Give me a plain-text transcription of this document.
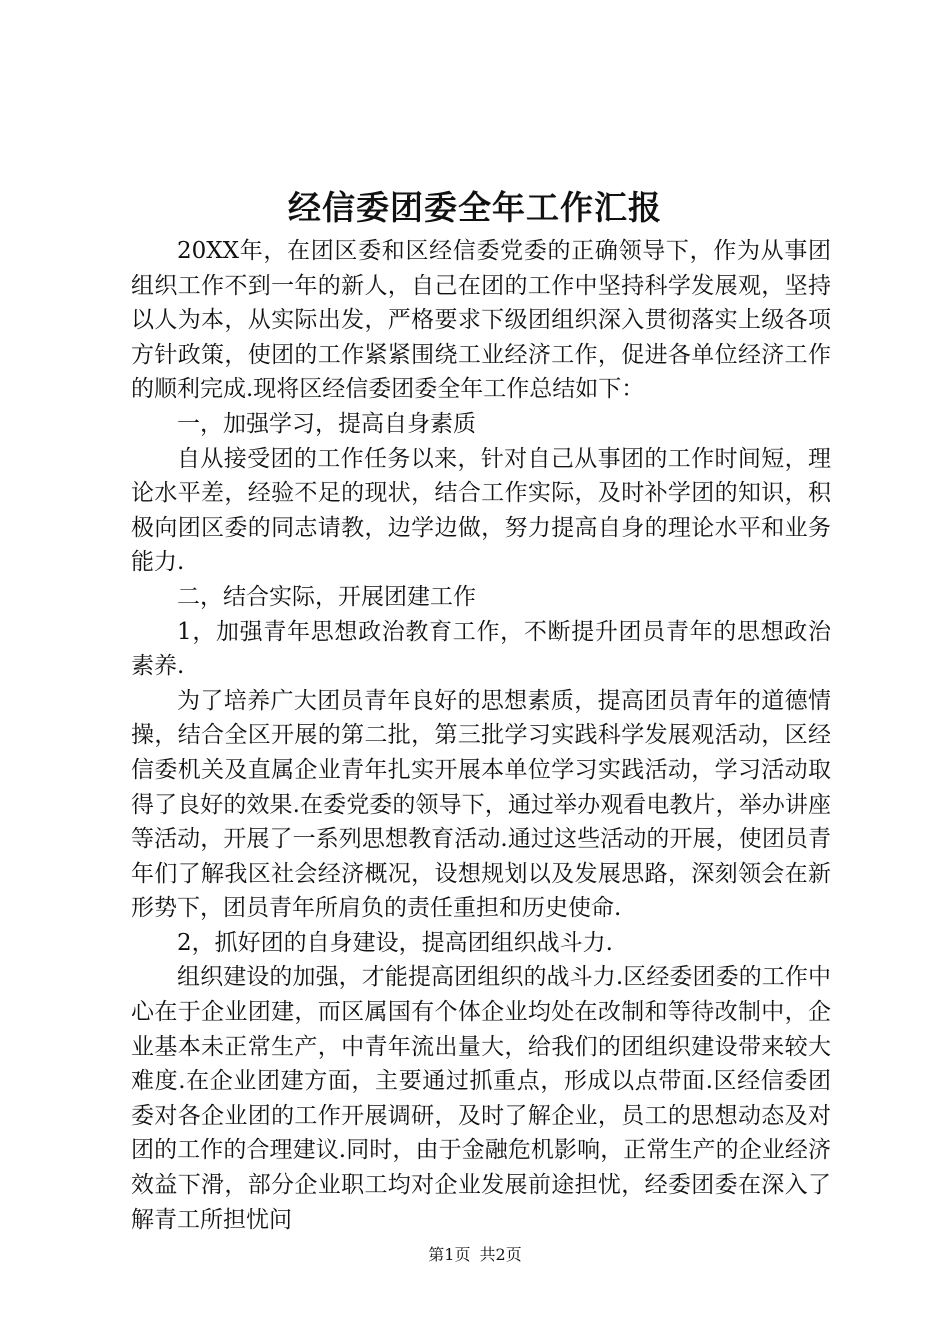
经信委团委全年工作汇报

20XX年，在团区委和区经信委党委的正确领导下，作为从事团组织工作不到一年的新人，自己在团的工作中坚持科学发展观，坚持以人为本，从实际出发，严格要求下级团组织深入贯彻落实上级各项方针政策，使团的工作紧紧围绕工业经济工作，促进各单位经济工作的顺利完成.现将区经信委团委全年工作总结如下：

一，加强学习，提高自身素质

自从接受团的工作任务以来，针对自己从事团的工作时间短，理论水平差，经验不足的现状，结合工作实际，及时补学团的知识，积极向团区委的同志请教，边学边做，努力提高自身的理论水平和业务能力.

二，结合实际，开展团建工作

1，加强青年思想政治教育工作，不断提升团员青年的思想政治素养.

为了培养广大团员青年良好的思想素质，提高团员青年的道德情操，结合全区开展的第二批，第三批学习实践科学发展观活动，区经信委机关及直属企业青年扎实开展本单位学习实践活动，学习活动取得了良好的效果.在委党委的领导下，通过举办观看电教片，举办讲座等活动，开展了一系列思想教育活动.通过这些活动的开展，使团员青年们了解我区社会经济概况，设想规划以及发展思路，深刻领会在新形势下，团员青年所肩负的责任重担和历史使命.

2，抓好团的自身建设，提高团组织战斗力.

组织建设的加强，才能提高团组织的战斗力.区经委团委的工作中心在于企业团建，而区属国有个体企业均处在改制和等待改制中，企业基本未正常生产，中青年流出量大，给我们的团组织建设带来较大难度.在企业团建方面，主要通过抓重点，形成以点带面.区经信委团委对各企业团的工作开展调研，及时了解企业，员工的思想动态及对团的工作的合理建议.同时，由于金融危机影响，正常生产的企业经济效益下滑，部分企业职工均对企业发展前途担忧，经委团委在深入了解青工所担忧问

第1页 共2页
